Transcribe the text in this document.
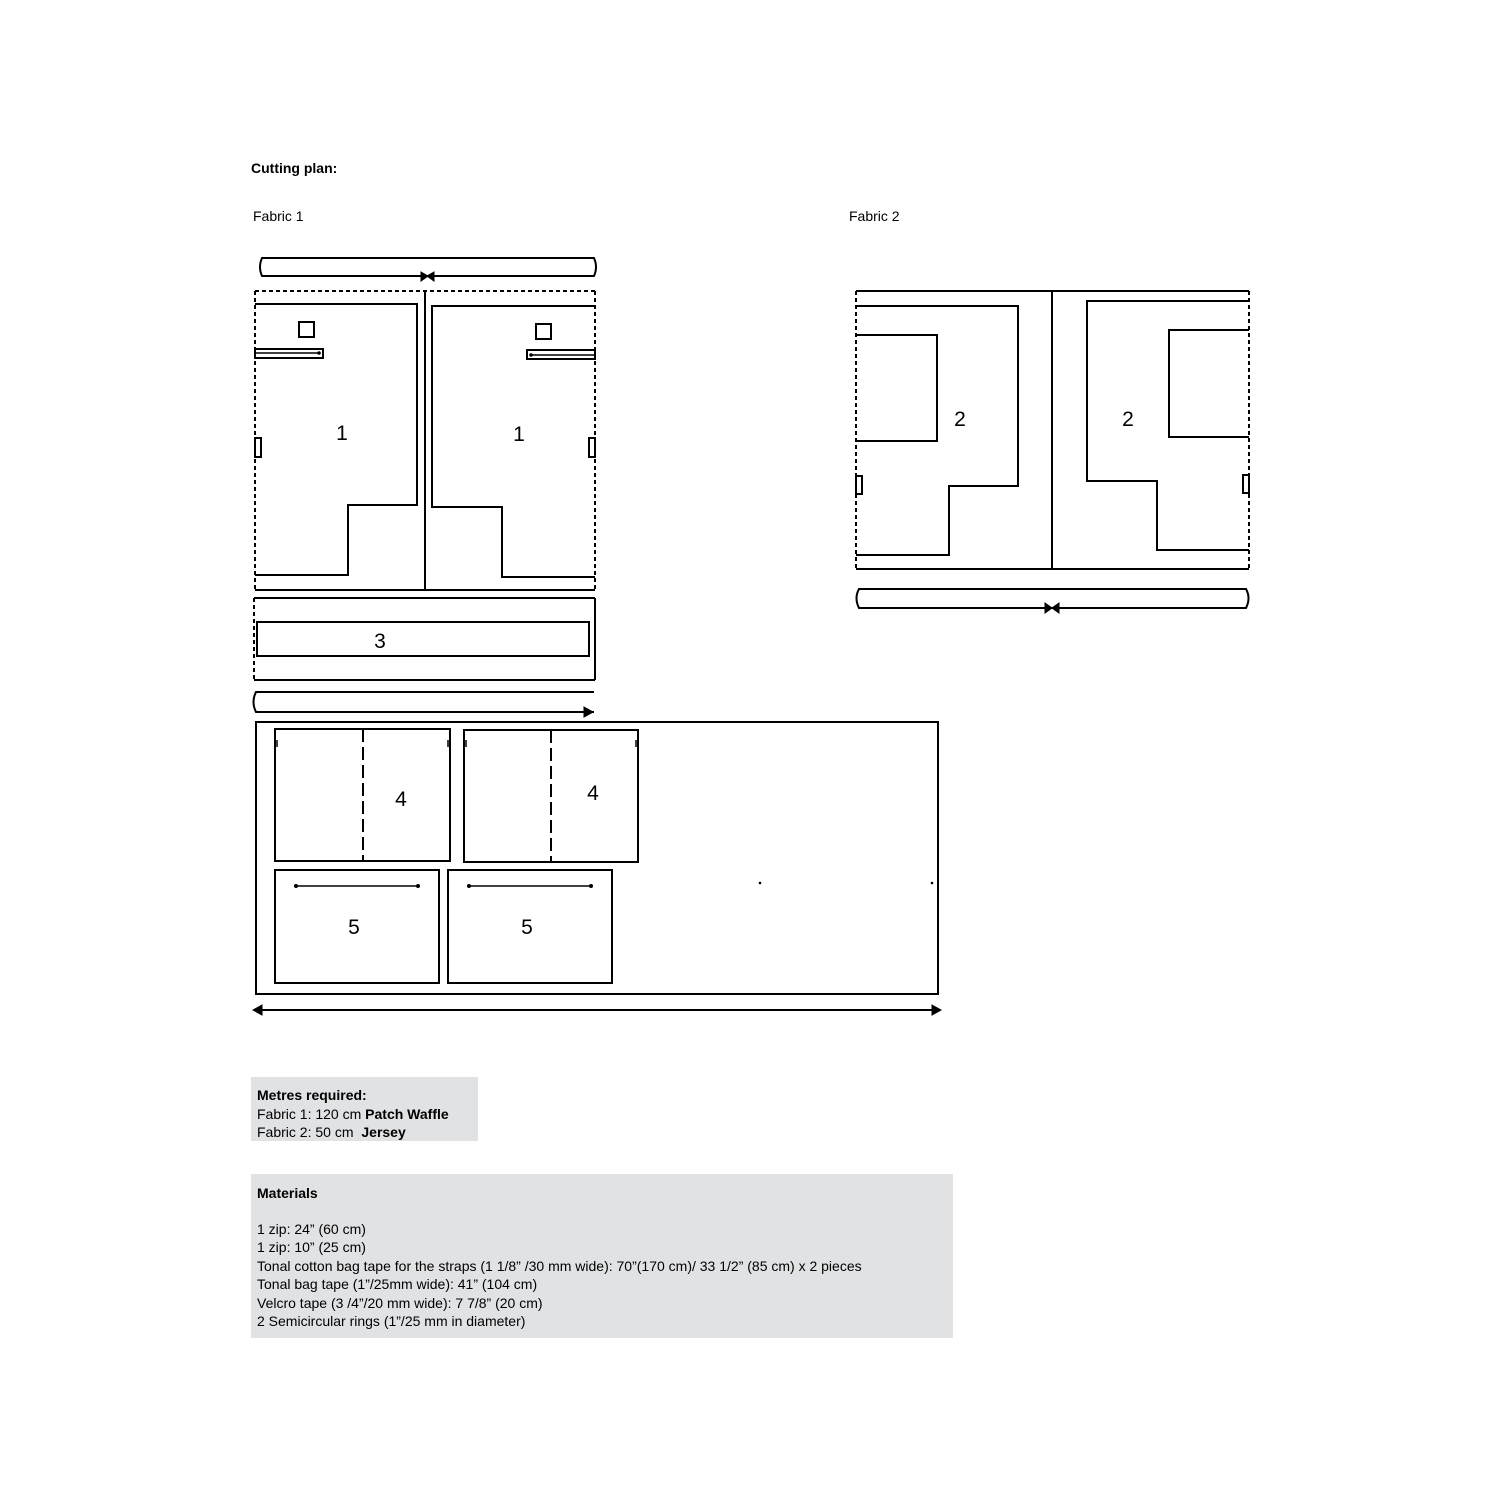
Cutting plan:
Fabric 1	Fabric 2
1	1
3
4	4
5	5
2	2
Metres required:
Fabric 1: 120 cm Patch Waffle
Fabric 2: 50 cm Jersey
Materials
1 zip: 24” (60 cm)
1 zip: 10” (25 cm)
Tonal cotton bag tape for the straps (1 1/8” /30 mm wide): 70”(170 cm)/ 33 1/2” (85 cm) x 2 pieces
Tonal bag tape (1”/25mm wide): 41” (104 cm)
Velcro tape (3 /4”/20 mm wide): 7 7/8” (20 cm)
2 Semicircular rings (1”/25 mm in diameter)
